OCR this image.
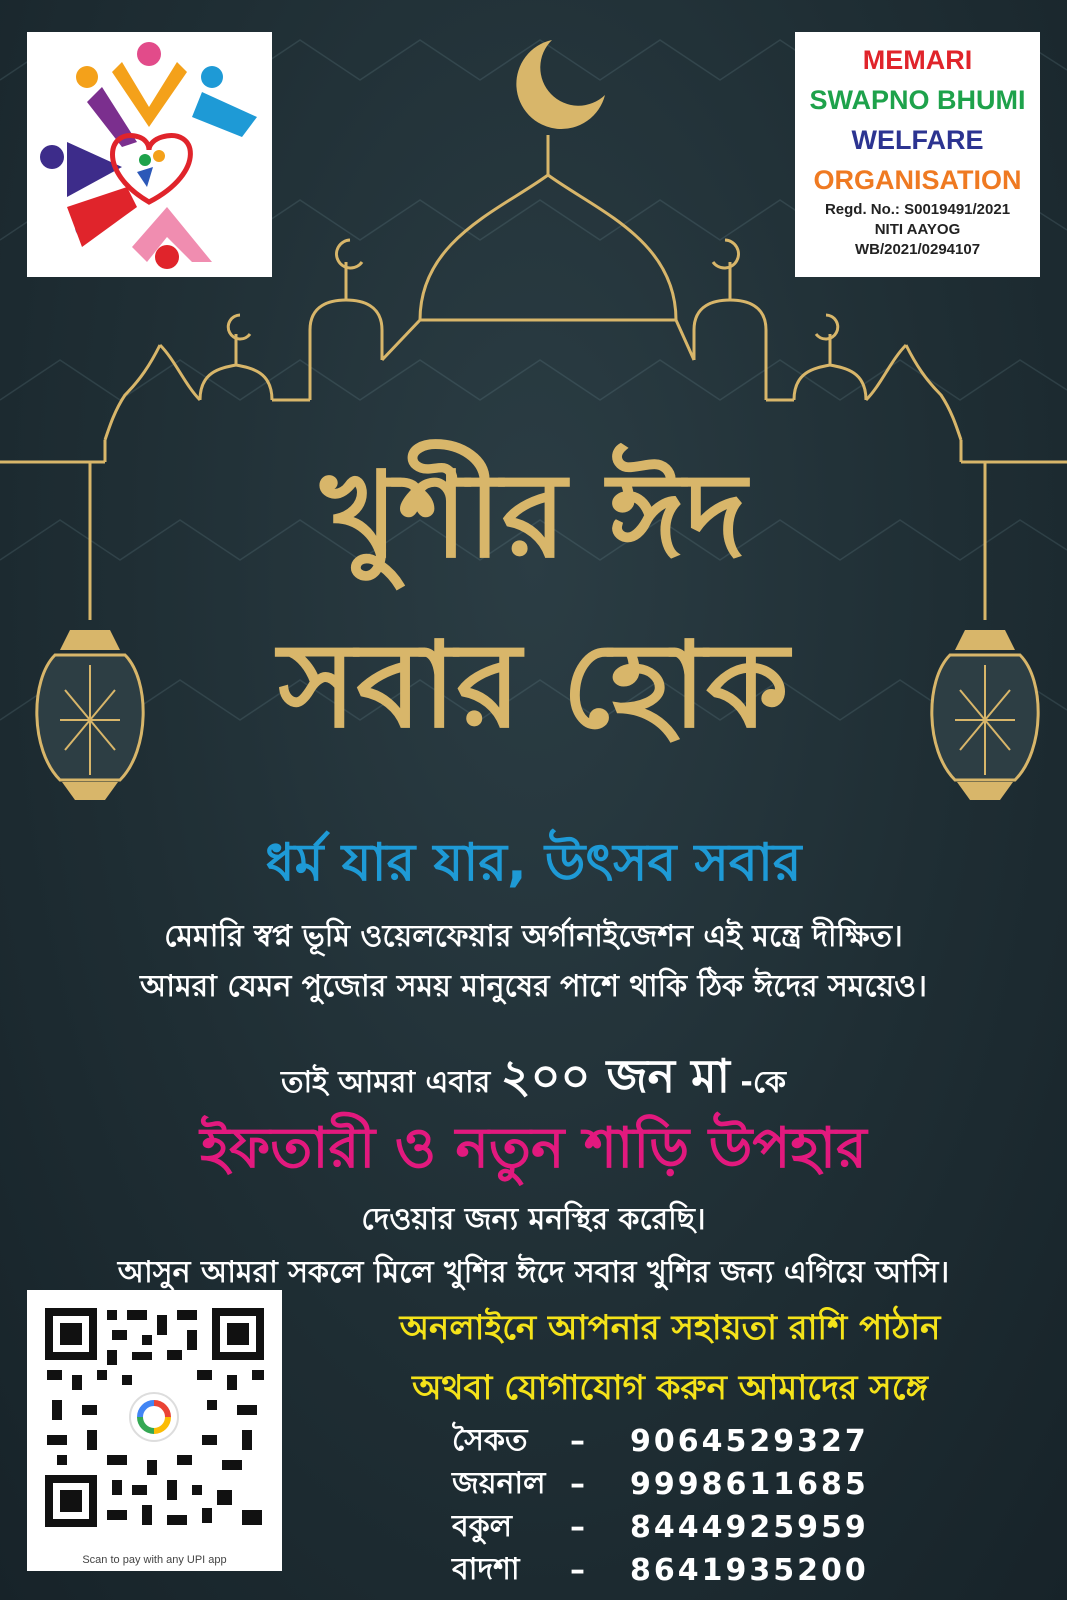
MEMARI
SWAPNO BHUMI
WELFARE
ORGANISATION
Regd. No.: S0019491/2021
NITI AAYOG
WB/2021/0294107
খুশীর ঈদ
সবার হোক
ধর্ম যার যার, উৎসব সবার
মেমারি স্বপ্ন ভূমি ওয়েলফেয়ার অর্গানাইজেশন এই মন্ত্রে দীক্ষিত।
আমরা যেমন পুজোর সময় মানুষের পাশে থাকি ঠিক ঈদের সময়েও।
তাই আমরা এবার ২০০ জন মা -কে
ইফতারী ও নতুন শাড়ি উপহার
দেওয়ার জন্য মনস্থির করেছি।
আসুন আমরা সকলে মিলে খুশির ঈদে সবার খুশির জন্য এগিয়ে আসি।
Scan to pay with any UPI app
অনলাইনে আপনার সহায়তা রাশি পাঠান
অথবা যোগাযোগ করুন আমাদের সঙ্গে
সৈকত	–	9064529327
জয়নাল –	9998611685
বকুল	–	8444925959
বাদশা	–	8641935200
